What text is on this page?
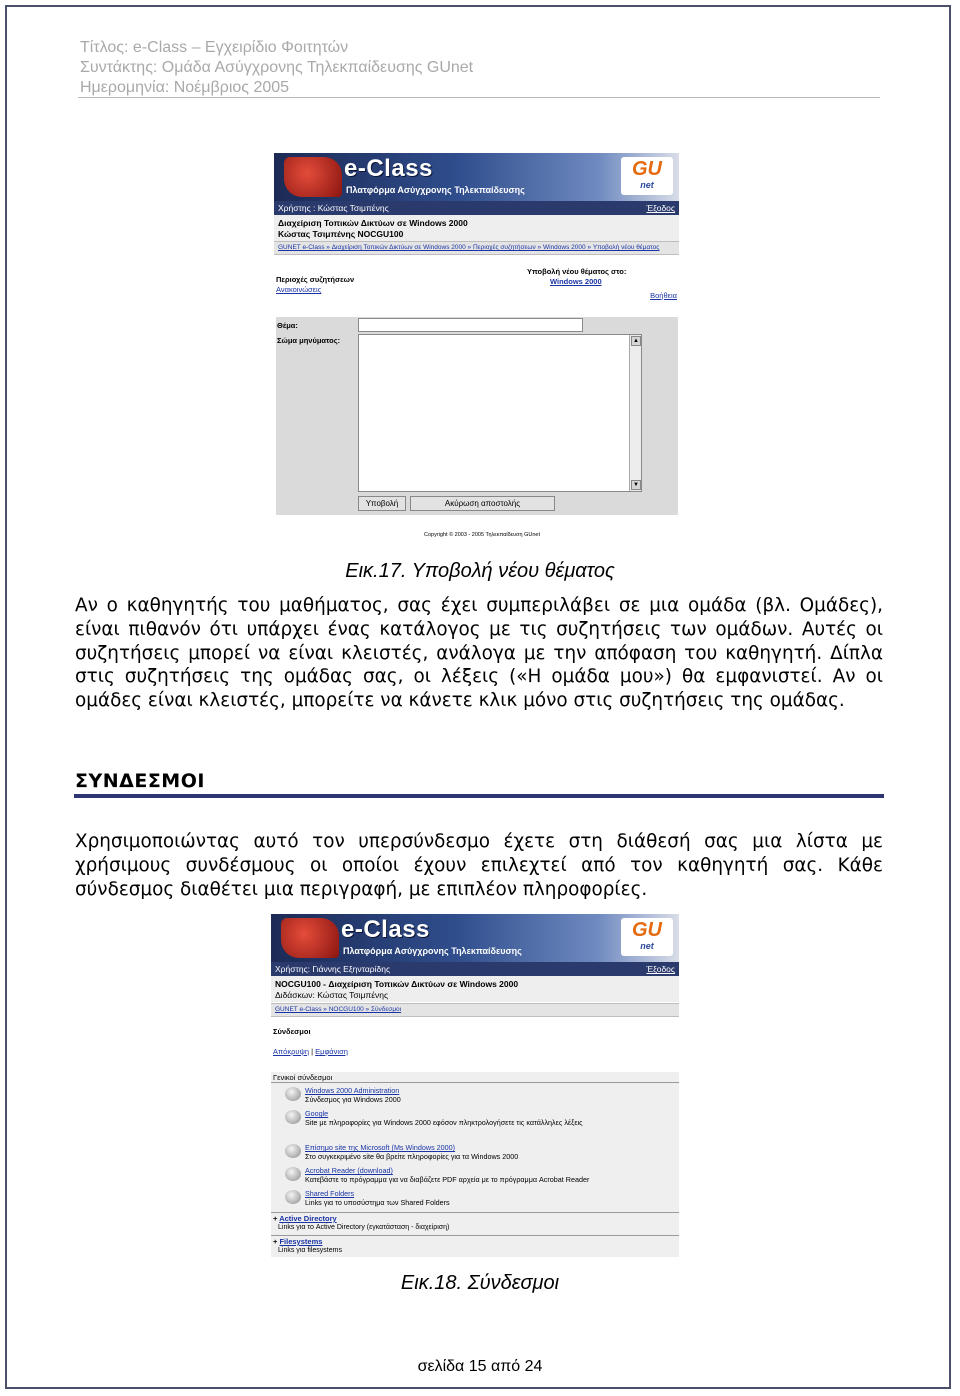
Τίτλος: e-Class – Εγχειρίδιο Φοιτητών
Συντάκτης: Ομάδα Ασύγχρονης Τηλεκπαίδευσης GUnet
Ημερομηνία: Νοέμβριος 2005
e-Class
Πλατφόρμα Ασύγχρονης Τηλεκπαίδευσης
GU
net
Χρήστης : Κώστας Τσιμπένης	Έξοδος
Διαχείριση Τοπικών Δικτύων σε Windows 2000
Κώστας Τσιμπένης NOCGU100
GUNET e-Class » Διαχείριση Τοπικών Δικτύων σε Windows 2000 » Περιοχές συζητήσεων » Windows 2000 » Υποβολή νέου θέματος
Περιοχές συζητήσεων
Ανακοινώσεις
Υποβολή νέου θέματος στο:
Windows 2000
Βοήθεια
Θέμα:
Σώμα μηνύματος:	▲
▼
Υποβολή	Ακύρωση αποστολής
Copyright © 2003 - 2005 Τηλεκπαίδευση GUnet
Εικ.17. Υποβολή νέου θέματος
Αν ο καθηγητής του μαθήματος, σας έχει συμπεριλάβει σε μια ομάδα (βλ. Ομάδες), είναι πιθανόν ότι υπάρχει ένας κατάλογος με τις συζητήσεις των ομάδων. Αυτές οι συζητήσεις μπορεί να είναι κλειστές, ανάλογα με την απόφαση του καθηγητή. Δίπλα στις συζητήσεις της ομάδας σας, οι λέξεις («Η ομάδα μου») θα εμφανιστεί. Αν οι ομάδες είναι κλειστές, μπορείτε να κάνετε κλικ μόνο στις συζητήσεις της ομάδας.
ΣΥΝΔΕΣΜΟΙ
Χρησιμοποιώντας αυτό τον υπερσύνδεσμο έχετε στη διάθεσή σας μια λίστα με χρήσιμους συνδέσμους οι οποίοι έχουν επιλεχτεί από τον καθηγητή σας. Κάθε σύνδεσμος διαθέτει μια περιγραφή, με επιπλέον πληροφορίες.
e-Class
Πλατφόρμα Ασύγχρονης Τηλεκπαίδευσης
GU
net
Χρήστης: Γιάννης Εξηνταρίδης	Έξοδος
NOCGU100 - Διαχείριση Τοπικών Δικτύων σε Windows 2000
Διδάσκων: Κώστας Τσιμπένης
GUNET e-Class » NOCGU100 » Σύνδεσμοι
Σύνδεσμοι
Απόκρυψη | Εμφάνιση
Γενικοί σύνδεσμοι
Windows 2000 Administration
Σύνδεσμος για Windows 2000
Google
Site με πληροφορίες για Windows 2000 εφόσον πληκτρολογήσετε τις κατάλληλες λέξεις
Επίσημο site της Microsoft (Ms Windows 2000)
Στο συγκεκριμένο site θα βρείτε πληροφορίες για τα Windows 2000
Acrobat Reader (download)
Κατεβάστε το πρόγραμμα για να διαβάζετε PDF αρχεία με το πρόγραμμα Acrobat Reader
Shared Folders
Links για το υποσύστημα των Shared Folders
+ Active Directory
Links για το Active Directory (εγκατάσταση - διαχείριση)
+ Filesystems
Links για filesystems
Εικ.18. Σύνδεσμοι
σελίδα 15 από 24
